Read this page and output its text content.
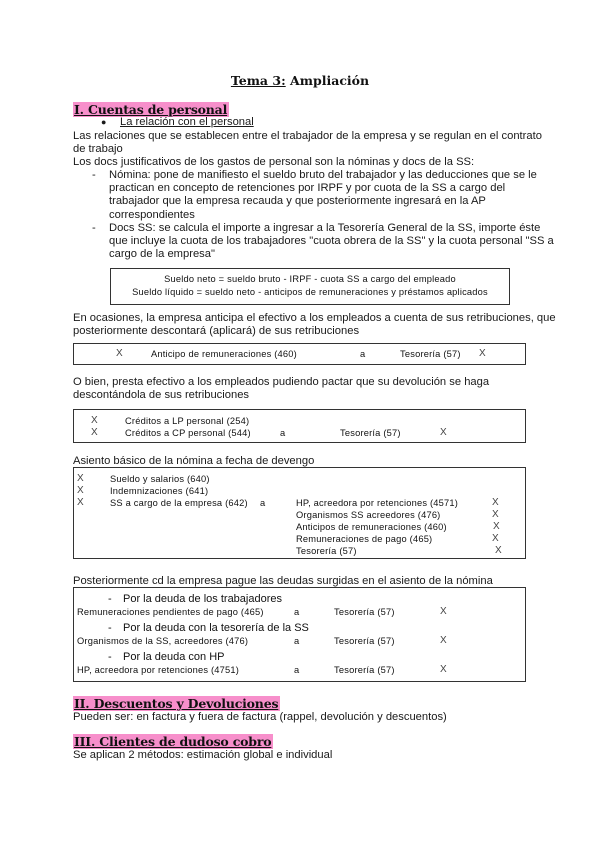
Tema 3: Ampliación
I. Cuentas de personal
● La relación con el personal
Las relaciones que se establecen entre el trabajador de la empresa y se regulan en el contrato
de trabajo
Los docs justificativos de los gastos de personal son la nóminas y docs de la SS:
- Nómina: pone de manifiesto el sueldo bruto del trabajador y las deducciones que se le
practican en concepto de retenciones por IRPF y por cuota de la SS a cargo del
trabajador que la empresa recauda y que posteriormente ingresará en la AP
correspondientes
- Docs SS: se calcula el importe a ingresar a la Tesorería General de la SS, importe éste
que incluye la cuota de los trabajadores "cuota obrera de la SS" y la cuota personal "SS a
cargo de la empresa"
Sueldo neto = sueldo bruto - IRPF - cuota SS a cargo del empleado
Sueldo líquido = sueldo neto - anticipos de remuneraciones y préstamos aplicados
En ocasiones, la empresa anticipa el efectivo a los empleados a cuenta de sus retribuciones, que
posteriormente descontará (aplicará) de sus retribuciones
X	Anticipo de remuneraciones (460)	a	Tesorería (57) X
O bien, presta efectivo a los empleados pudiendo pactar que su devolución se haga
descontándola de sus retribuciones
X	Créditos a LP personal (254)
X	Créditos a CP personal (544)	a	Tesorería (57)	X
Asiento básico de la nómina a fecha de devengo
X	Sueldo y salarios (640)
X	Indemnizaciones (641)
X	SS a cargo de la empresa (642) a	HP, acreedora por retenciones (4571)	X
Organismos SS acreedores (476)	X
Anticipos de remuneraciones (460)	X
Remuneraciones de pago (465)	X
Tesorería (57)	X
Posteriormente cd la empresa pague las deudas surgidas en el asiento de la nómina
- Por la deuda de los trabajadores
Remuneraciones pendientes de pago (465)	a	Tesorería (57)	X
- Por la deuda con la tesorería de la SS
Organismos de la SS, acreedores (476)	a	Tesorería (57)	X
- Por la deuda con HP
HP, acreedora por retenciones (4751)	a	Tesorería (57)	X
II. Descuentos y Devoluciones
Pueden ser: en factura y fuera de factura (rappel, devolución y descuentos)
III. Clientes de dudoso cobro
Se aplican 2 métodos: estimación global e individual
